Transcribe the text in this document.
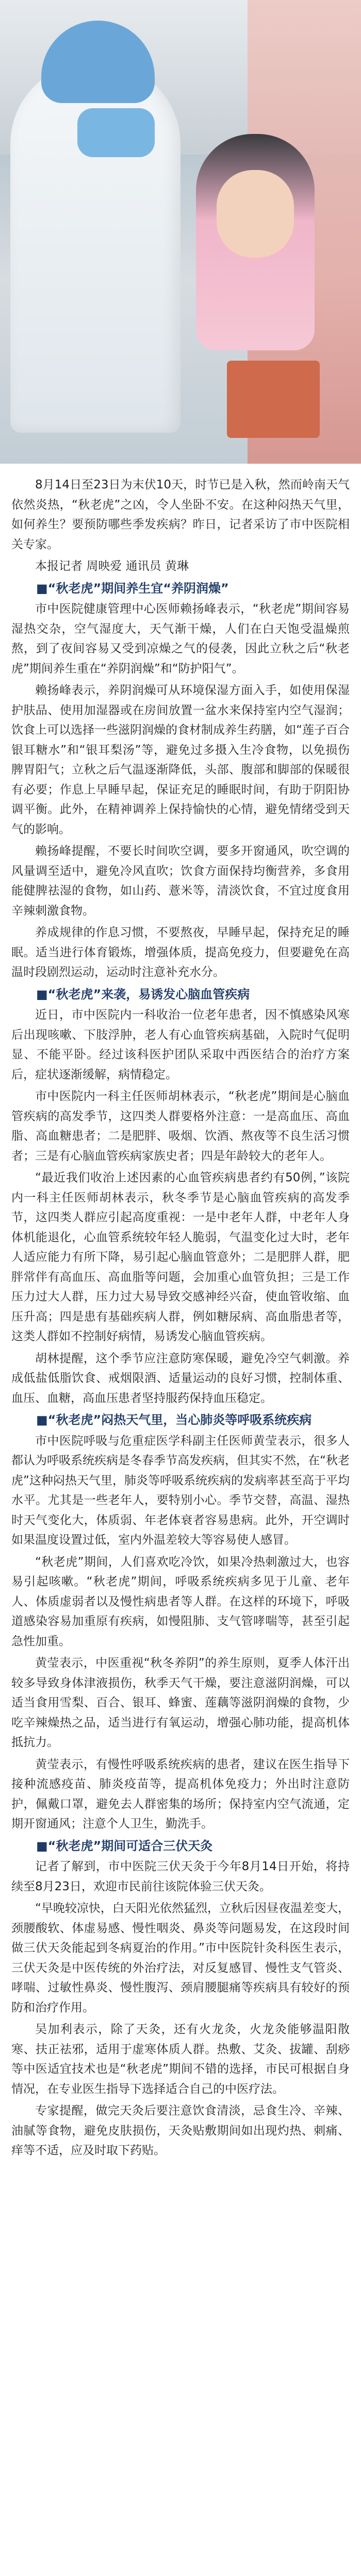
8月14日至23日为末伏10天，时节已是入秋，然而岭南天气依然炎热，“秋老虎”之凶，令人坐卧不安。在这种闷热天气里，如何养生？要预防哪些季发疾病？昨日，记者采访了市中医院相关专家。

本报记者 周映爱 通讯员 黄琳

■“秋老虎”期间养生宜“养阴润燥”

市中医院健康管理中心医师赖扬峰表示，“秋老虎”期间容易湿热交杂，空气湿度大，天气渐干燥，人们在白天饱受温燥煎熬，到了夜间容易又受到凉燥之气的侵袭，因此立秋之后“秋老虎”期间养生重在“养阴润燥”和“防护阳气”。

赖扬峰表示，养阴润燥可从环境保湿方面入手，如使用保湿护肤品、使用加湿器或在房间放置一盆水来保持室内空气湿润；饮食上可以选择一些滋阴润燥的食材制成养生药膳，如“莲子百合银耳糖水”和“银耳梨汤”等，避免过多摄入生冷食物，以免损伤脾胃阳气；立秋之后气温逐渐降低，头部、腹部和脚部的保暖很有必要；作息上早睡早起，保证充足的睡眠时间，有助于阴阳协调平衡。此外，在精神调养上保持愉快的心情，避免情绪受到天气的影响。

赖扬峰提醒，不要长时间吹空调，要多开窗通风，吹空调的风量调至适中，避免冷风直吹；饮食方面保持均衡营养，多食用能健脾祛湿的食物，如山药、薏米等，清淡饮食，不宜过度食用辛辣刺激食物。

养成规律的作息习惯，不要熬夜，早睡早起，保持充足的睡眠。适当进行体育锻炼，增强体质，提高免疫力，但要避免在高温时段剧烈运动，运动时注意补充水分。

■“秋老虎”来袭，易诱发心脑血管疾病

近日，市中医院内一科收治一位老年患者，因不慎感染风寒后出现咳嗽、下肢浮肿，老人有心血管疾病基础，入院时气促明显、不能平卧。经过该科医护团队采取中西医结合的治疗方案后，症状逐渐缓解，病情稳定。

市中医院内一科主任医师胡林表示，“秋老虎”期间是心脑血管疾病的高发季节，这四类人群要格外注意：一是高血压、高血脂、高血糖患者；二是肥胖、吸烟、饮酒、熬夜等不良生活习惯者；三是有心脑血管疾病家族史者；四是年龄较大的老年人。

“最近我们收治上述因素的心血管疾病患者约有50例，”该院内一科主任医师胡林表示，秋冬季节是心脑血管疾病的高发季节，这四类人群应引起高度重视：一是中老年人群，中老年人身体机能退化，心血管系统较年轻人脆弱，气温变化过大时，老年人适应能力有所下降，易引起心脑血管意外；二是肥胖人群，肥胖常伴有高血压、高血脂等问题，会加重心血管负担；三是工作压力过大人群，压力过大易导致交感神经兴奋，使血管收缩、血压升高；四是患有基础疾病人群，例如糖尿病、高血脂患者等，这类人群如不控制好病情，易诱发心脑血管疾病。

胡林提醒，这个季节应注意防寒保暖，避免冷空气刺激。养成低盐低脂饮食、戒烟限酒、适量运动的良好习惯，控制体重、血压、血糖，高血压患者坚持服药保持血压稳定。

■“秋老虎”闷热天气里，当心肺炎等呼吸系统疾病

市中医院呼吸与危重症医学科副主任医师黄莹表示，很多人都认为呼吸系统疾病是冬春季节高发疾病，但其实不然，在“秋老虎”这种闷热天气里，肺炎等呼吸系统疾病的发病率甚至高于平均水平。尤其是一些老年人，要特别小心。季节交替，高温、湿热时天气变化大，体质弱、年老体衰者容易患病。此外，开空调时如果温度设置过低，室内外温差较大等容易使人感冒。

“秋老虎”期间，人们喜欢吃冷饮，如果冷热刺激过大，也容易引起咳嗽。“秋老虎”期间，呼吸系统疾病多见于儿童、老年人、体质虚弱者以及慢性病患者等人群。在这样的环境下，呼吸道感染容易加重原有疾病，如慢阻肺、支气管哮喘等，甚至引起急性加重。

黄莹表示，中医重视“秋冬养阴”的养生原则，夏季人体汗出较多导致身体津液损伤，秋季天气干燥，要注意滋阴润燥，可以适当食用雪梨、百合、银耳、蜂蜜、莲藕等滋阴润燥的食物，少吃辛辣燥热之品，适当进行有氧运动，增强心肺功能，提高机体抵抗力。

黄莹表示，有慢性呼吸系统疾病的患者，建议在医生指导下接种流感疫苗、肺炎疫苗等，提高机体免疫力；外出时注意防护，佩戴口罩，避免去人群密集的场所；保持室内空气流通，定期开窗通风；注意个人卫生，勤洗手。

■“秋老虎”期间可适合三伏天灸

记者了解到，市中医院三伏天灸于今年8月14日开始，将持续至8月23日，欢迎市民前往该院体验三伏天灸。

“早晚较凉快，白天阳光依然猛烈，立秋后因昼夜温差变大，颈腰酸软、体虚易感、慢性咽炎、鼻炎等问题易发，在这段时间做三伏天灸能起到冬病夏治的作用。”市中医院针灸科医生表示，三伏天灸是中医传统的外治疗法，对反复感冒、慢性支气管炎、哮喘、过敏性鼻炎、慢性腹泻、颈肩腰腿痛等疾病具有较好的预防和治疗作用。

吴加利表示，除了天灸，还有火龙灸，火龙灸能够温阳散寒、扶正祛邪，适用于虚寒体质人群。热敷、艾灸、拔罐、刮痧等中医适宜技术也是“秋老虎”期间不错的选择，市民可根据自身情况，在专业医生指导下选择适合自己的中医疗法。

专家提醒，做完天灸后要注意饮食清淡，忌食生冷、辛辣、油腻等食物，避免皮肤损伤，天灸贴敷期间如出现灼热、刺痛、痒等不适，应及时取下药贴。
